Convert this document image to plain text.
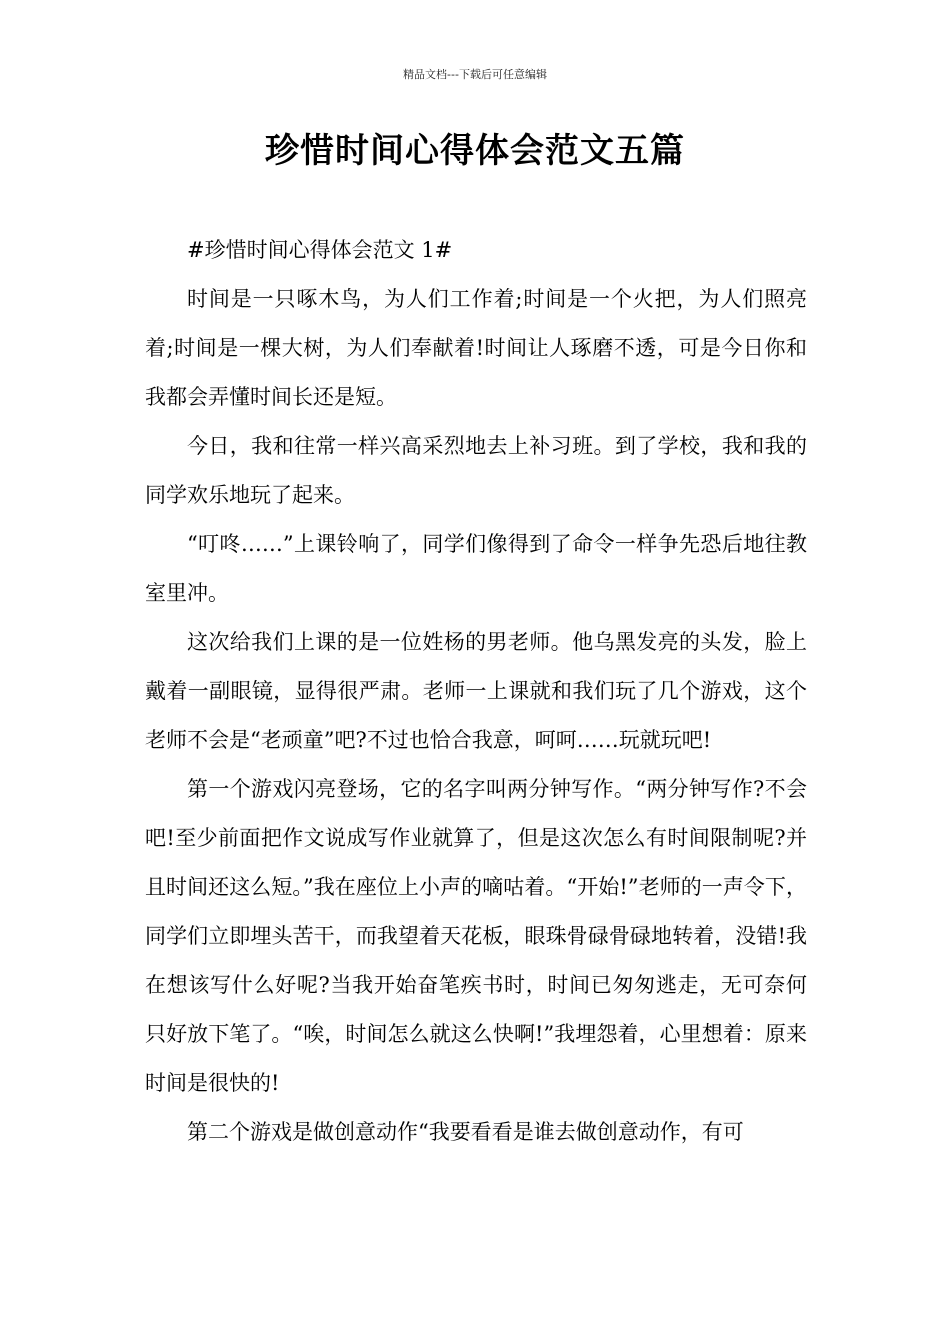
精品文档---下载后可任意编辑
珍惜时间心得体会范文五篇

#珍惜时间心得体会范文 1#

时间是一只啄木鸟，为人们工作着;时间是一个火把，为人们照亮着;时间是一棵大树，为人们奉献着!时间让人琢磨不透，可是今日你和我都会弄懂时间长还是短。

今日，我和往常一样兴高采烈地去上补习班。到了学校，我和我的同学欢乐地玩了起来。

“叮咚……”上课铃响了，同学们像得到了命令一样争先恐后地往教室里冲。

这次给我们上课的是一位姓杨的男老师。他乌黑发亮的头发，脸上戴着一副眼镜，显得很严肃。老师一上课就和我们玩了几个游戏，这个老师不会是“老顽童”吧?不过也恰合我意，呵呵……玩就玩吧!

第一个游戏闪亮登场，它的名字叫两分钟写作。“两分钟写作?不会吧!至少前面把作文说成写作业就算了，但是这次怎么有时间限制呢?并且时间还这么短。”我在座位上小声的嘀咕着。“开始!”老师的一声令下，同学们立即埋头苦干，而我望着天花板，眼珠骨碌骨碌地转着，没错!我在想该写什么好呢?当我开始奋笔疾书时，时间已匆匆逃走，无可奈何只好放下笔了。“唉，时间怎么就这么快啊!”我埋怨着，心里想着：原来时间是很快的!

第二个游戏是做创意动作“我要看看是谁去做创意动作，有可
